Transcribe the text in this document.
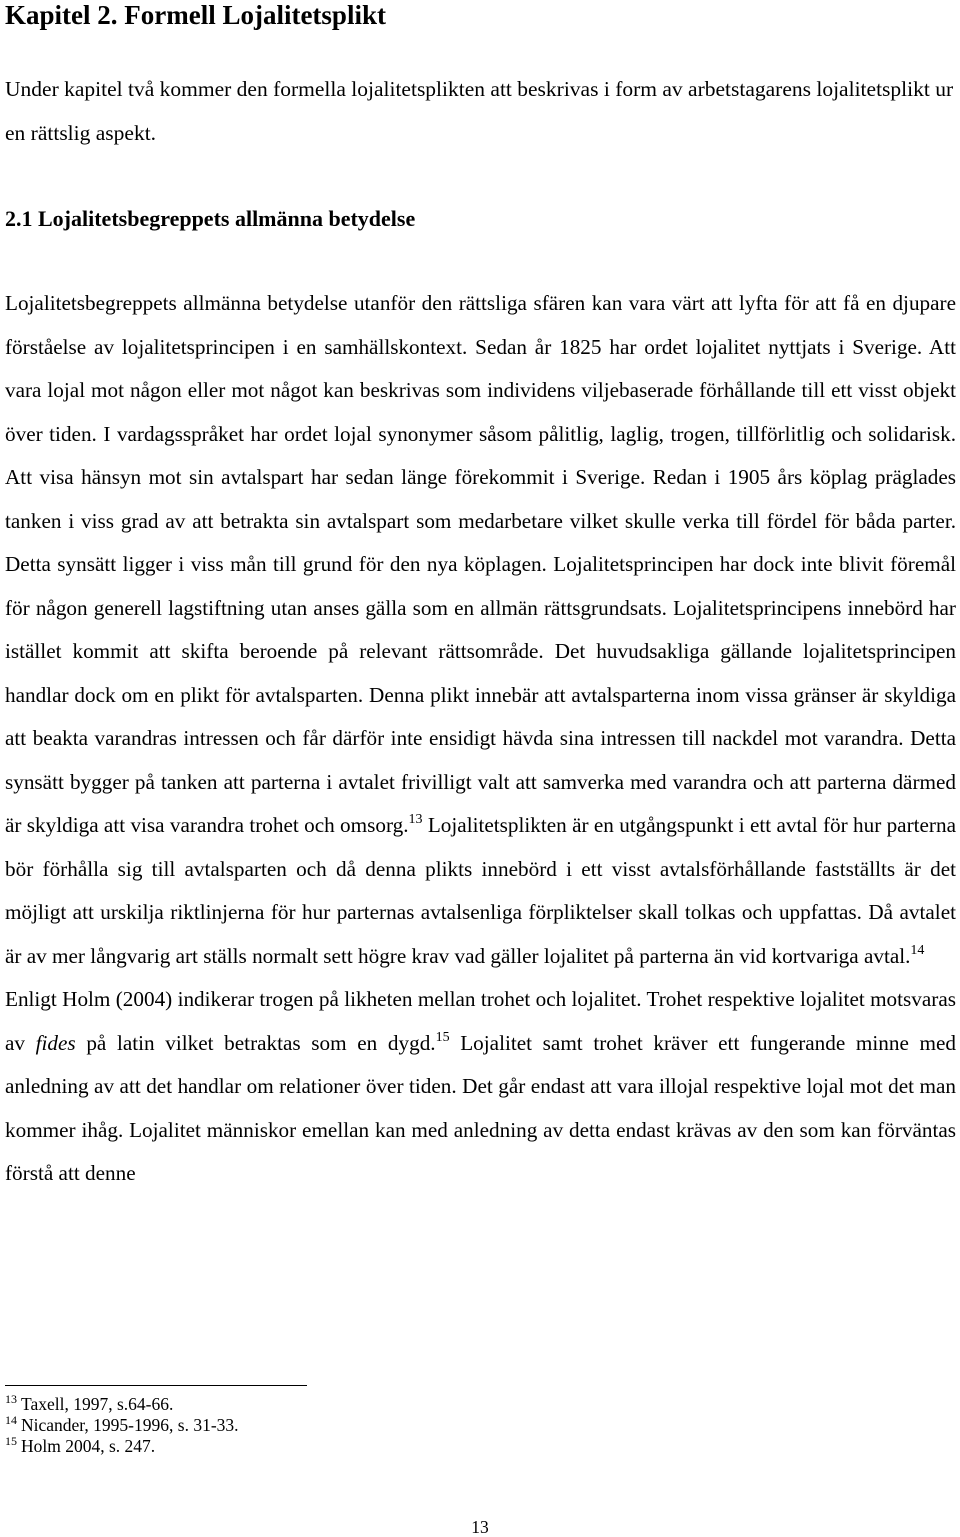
Kapitel 2. Formell Lojalitetsplikt

Under kapitel två kommer den formella lojalitetsplikten att beskrivas i form av arbetstagarens lojalitetsplikt ur en rättslig aspekt.

2.1 Lojalitetsbegreppets allmänna betydelse

Lojalitetsbegreppets allmänna betydelse utanför den rättsliga sfären kan vara värt att lyfta för att få en djupare förståelse av lojalitetsprincipen i en samhällskontext. Sedan år 1825 har ordet lojalitet nyttjats i Sverige. Att vara lojal mot någon eller mot något kan beskrivas som individens viljebaserade förhållande till ett visst objekt över tiden. I vardagsspråket har ordet lojal synonymer såsom pålitlig, laglig, trogen, tillförlitlig och solidarisk. Att visa hänsyn mot sin avtalspart har sedan länge förekommit i Sverige. Redan i 1905 års köplag präglades tanken i viss grad av att betrakta sin avtalspart som medarbetare vilket skulle verka till fördel för båda parter. Detta synsätt ligger i viss mån till grund för den nya köplagen. Lojalitetsprincipen har dock inte blivit föremål för någon generell lagstiftning utan anses gälla som en allmän rättsgrundsats. Lojalitetsprincipens innebörd har istället kommit att skifta beroende på relevant rättsområde. Det huvudsakliga gällande lojalitetsprincipen handlar dock om en plikt för avtalsparten. Denna plikt innebär att avtalsparterna inom vissa gränser är skyldiga att beakta varandras intressen och får därför inte ensidigt hävda sina intressen till nackdel mot varandra. Detta synsätt bygger på tanken att parterna i avtalet frivilligt valt att samverka med varandra och att parterna därmed är skyldiga att visa varandra trohet och omsorg.$^{13}$ Lojalitetsplikten är en utgångspunkt i ett avtal för hur parterna bör förhålla sig till avtalsparten och då denna plikts innebörd i ett visst avtalsförhållande fastställts är det möjligt att urskilja riktlinjerna för hur parternas avtalsenliga förpliktelser skall tolkas och uppfattas. Då avtalet är av mer långvarig art ställs normalt sett högre krav vad gäller lojalitet på parterna än vid kortvariga avtal.$^{14}$
Enligt Holm (2004) indikerar trogen på likheten mellan trohet och lojalitet. Trohet respektive lojalitet motsvaras av fides på latin vilket betraktas som en dygd.$^{15}$ Lojalitet samt trohet kräver ett fungerande minne med anledning av att det handlar om relationer över tiden. Det går endast att vara illojal respektive lojal mot det man kommer ihåg. Lojalitet människor emellan kan med anledning av detta endast krävas av den som kan förväntas förstå att denne

$^{13}$ Taxell, 1997, s.64-66.
$^{14}$ Nicander, 1995-1996, s. 31-33.
$^{15}$ Holm 2004, s. 247.
13
